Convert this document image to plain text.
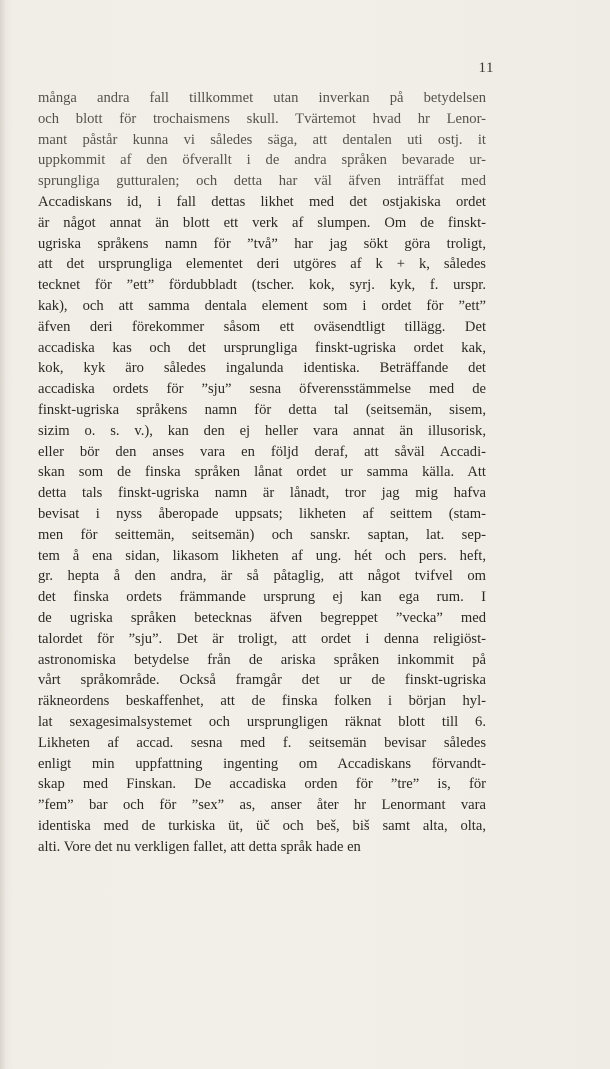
11
många andra fall tillkommet utan inverkan på betydelsen
och blott för trochaismens skull. Tvärtemot hvad hr Lenor-
mant påstår kunna vi således säga, att dentalen uti ostj. it
uppkommit af den öfverallt i de andra språken bevarade ur-
sprungliga gutturalen; och detta har väl äfven inträffat med
Accadiskans id, i fall dettas likhet med det ostjakiska ordet
är något annat än blott ett verk af slumpen. Om de finskt-
ugriska språkens namn för ”två” har jag sökt göra troligt,
att det ursprungliga elementet deri utgöres af k + k, således
tecknet för ”ett” fördubbladt (tscher. kok, syrj. kyk, f. urspr.
kak), och att samma dentala element som i ordet för ”ett”
äfven deri förekommer såsom ett oväsendtligt tillägg. Det
accadiska kas och det ursprungliga finskt-ugriska ordet kak,
kok, kyk äro således ingalunda identiska. Beträffande det
accadiska ordets för ”sju” sesna öfverensstämmelse med de
finskt-ugriska språkens namn för detta tal (seitsemän, sisem,
sizim o. s. v.), kan den ej heller vara annat än illusorisk,
eller bör den anses vara en följd deraf, att såväl Accadi-
skan som de finska språken lånat ordet ur samma källa. Att
detta tals finskt-ugriska namn är lånadt, tror jag mig hafva
bevisat i nyss åberopade uppsats; likheten af seittem (stam-
men för seittemän, seitsemän) och sanskr. saptan, lat. sep-
tem å ena sidan, likasom likheten af ung. hét och pers. heft,
gr. hepta å den andra, är så påtaglig, att något tvifvel om
det finska ordets främmande ursprung ej kan ega rum. I
de ugriska språken betecknas äfven begreppet ”vecka” med
talordet för ”sju”. Det är troligt, att ordet i denna religiöst-
astronomiska betydelse från de ariska språken inkommit på
vårt språkområde. Också framgår det ur de finskt-ugriska
räkneordens beskaffenhet, att de finska folken i början hyl-
lat sexagesimalsystemet och ursprungligen räknat blott till 6.
Likheten af accad. sesna med f. seitsemän bevisar således
enligt min uppfattning ingenting om Accadiskans förvandt-
skap med Finskan. De accadiska orden för ”tre” is, för
”fem” bar och för ”sex” as, anser åter hr Lenormant vara
identiska med de turkiska üt, üč och beš, biš samt alta, olta,
alti. Vore det nu verkligen fallet, att detta språk hade en
